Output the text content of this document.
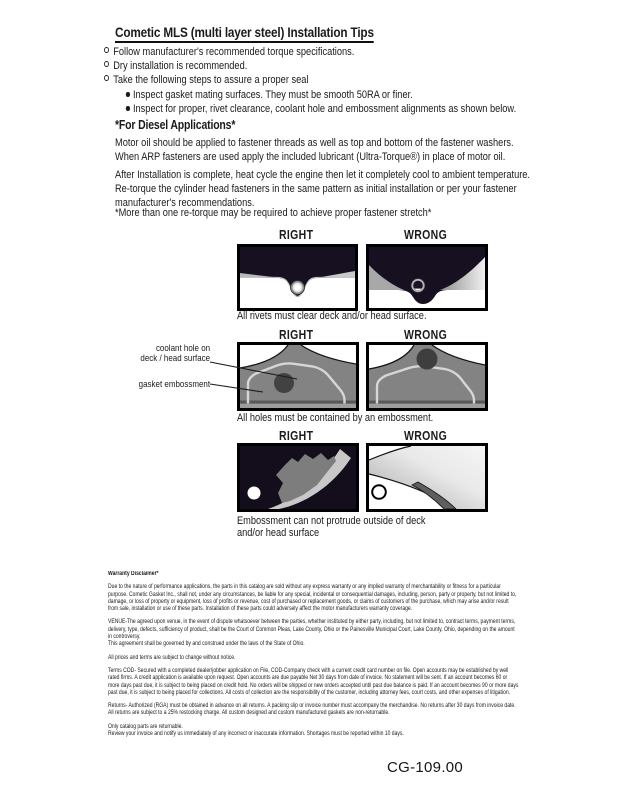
Cometic MLS (multi layer steel) Installation Tips
Follow manufacturer's recommended torque specifications.
Dry installation is recommended.
Take the following steps to assure a proper seal
Inspect gasket mating surfaces. They must be smooth 50RA or finer.
Inspect for proper, rivet clearance, coolant hole and embossment alignments as shown below.
*For Diesel Applications*
Motor oil should be applied to fastener threads as well as top and bottom of the fastener washers. When ARP fasteners are used apply the included lubricant (Ultra-Torque®) in place of motor oil.
After Installation is complete, heat cycle the engine then let it completely cool to ambient temperature. Re-torque the cylinder head fasteners in the same pattern as initial installation or per your fastener manufacturer's recommendations.
*More than one re-torque may be required to achieve proper fastener stretch*
RIGHT	WRONG
All rivets must clear deck and/or head surface.
RIGHT	WRONG
coolant hole on
deck / head surface
gasket embossment
All holes must be contained by an embossment.
RIGHT	WRONG
Embossment can not protrude outside of deck and/or head surface

Warranty Disclaimer*

Due to the nature of performance applications, the parts in this catalog are sold without any express warranty or any implied warranty of merchantability or fitness for a particular purpose. Cometic Gasket Inc., shall not, under any circumstances, be liable for any special, incidental or consequential damages, including, person, party or property, but not limited to, damage, or loss of property or equipment, loss of profits or revenue, cost of purchased or replacement goods, or claims of customers of the purchase, which may arise and/or result from sale, installation or use of these parts. Installation of these parts could adversely affect the motor manufacturers warranty coverage.

VENUE-The agreed upon venue, in the event of dispute whatsoever between the parties, whether instituted by either party, including, but not limited to, contract terms, payment terms, delivery, type, defects, sufficiency of product, shall be the Court of Common Pleas, Lake County, Ohio or the Painesville Municipal Court, Lake County, Ohio, depending on the amount in controversy.

This agreement shall be governed by and construed under the laws of the State of Ohio.

All prices and terms are subject to change without notice.

Terms COD- Secured with a completed dealer/jobber application on File, COD-Company check with a current credit card number on file. Open accounts may be established by well rated firms. A credit application is available upon request. Open accounts are due payable Net 30 days from date of invoice. No statement will be sent. If an account becomes 60 or more days past due, it is subject to being placed on credit hold. No orders will be shipped or new orders accepted until past due balance is paid. If an account becomes 90 or more days past due, it is subject to being placed for collections. All costs of collection are the responsibility of the customer, including attorney fees, court costs, and other expenses of litigation.

Returns- Authorized (RGA) must be obtained in advance on all returns. A packing slip or invoice number must accompany the merchandise. No returns after 30 days from invoice date. All returns are subject to a 25% restocking charge. All custom designed and custom manufactured gaskets are non-returnable.

Only catalog parts are returnable.

Review your invoice and notify us immediately of any incorrect or inaccurate information. Shortages must be reported within 10 days.

CG-109.00
